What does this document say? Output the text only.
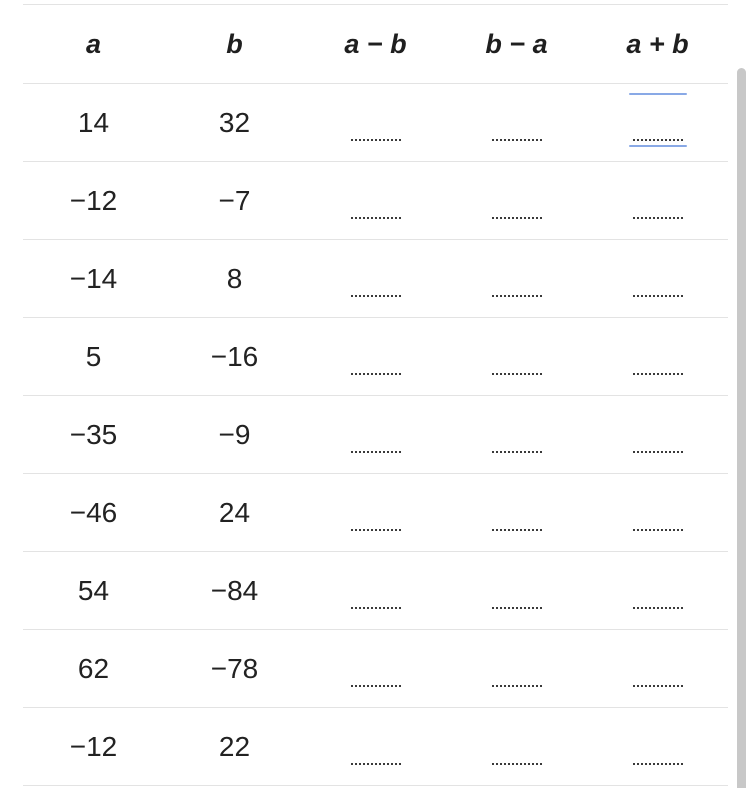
a	b	a − b	b − a	a + b
14	32	

−12	−7	

−14	8	

5	−16	

−35	−9	

−46	24	

54	−84	

62	−78	

−12	22	
